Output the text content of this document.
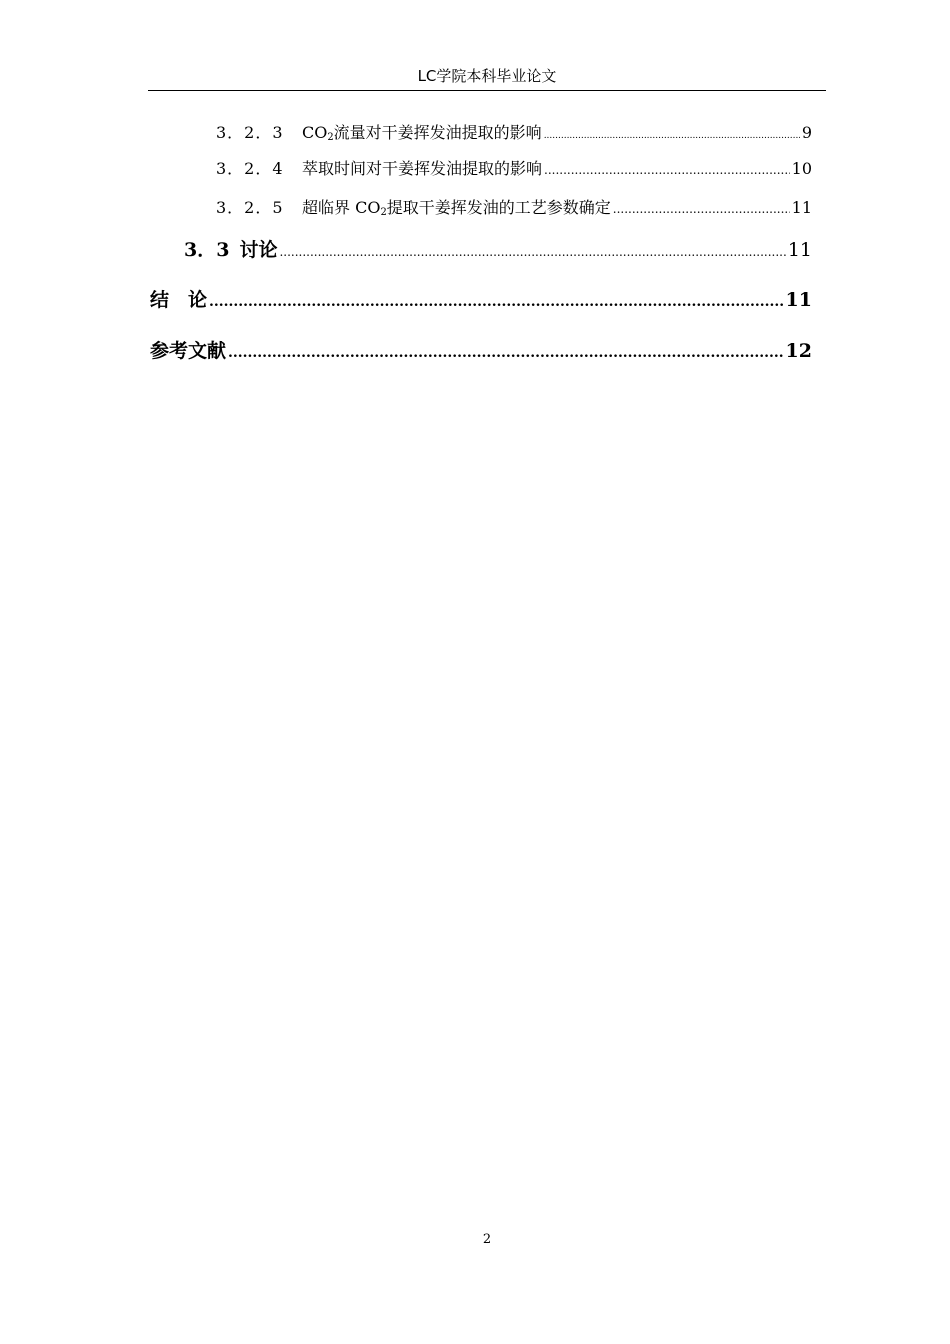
LC学院本科毕业论文
3．2．3	$CO_2$流量对干姜挥发油提取的影响 .....	9
3．2．4	萃取时间对干姜挥发油提取的影响 .....	10
3．2．5	超临界 $CO_2$提取干姜挥发油的工艺参数确定 .....	11
3．3 讨论 .....	11
结　论 .....	11
参考文献 .....	12
2
